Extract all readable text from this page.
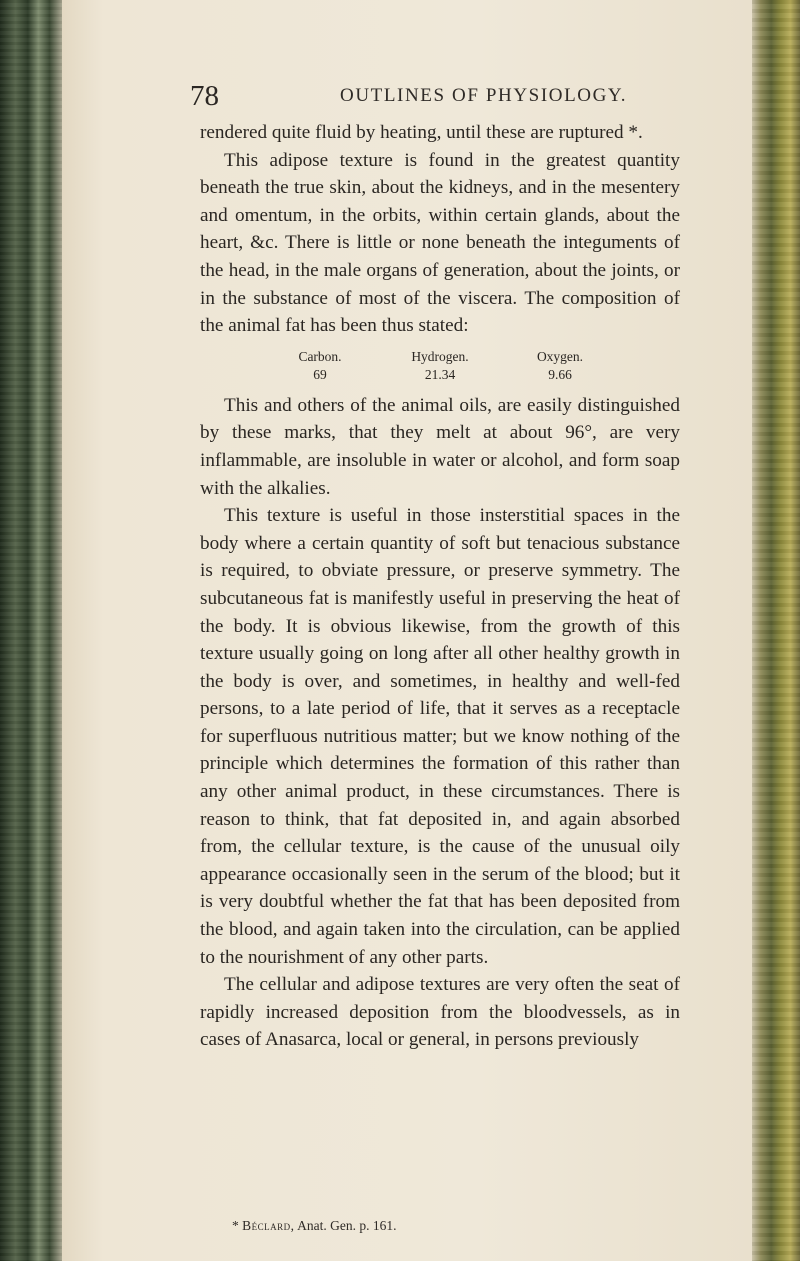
78	OUTLINES OF PHYSIOLOGY.

rendered quite fluid by heating, until these are ruptured *.

This adipose texture is found in the greatest quantity beneath the true skin, about the kidneys, and in the mesentery and omentum, in the orbits, within certain glands, about the heart, &c. There is little or none beneath the integuments of the head, in the male organs of generation, about the joints, or in the substance of most of the viscera. The composition of the animal fat has been thus stated:

Carbon.	Hydrogen.	Oxygen.
69	21.34	9.66

This and others of the animal oils, are easily distinguished by these marks, that they melt at about 96°, are very inflammable, are insoluble in water or alcohol, and form soap with the alkalies.

This texture is useful in those insterstitial spaces in the body where a certain quantity of soft but tenacious substance is required, to obviate pressure, or preserve symmetry. The subcutaneous fat is manifestly useful in preserving the heat of the body. It is obvious likewise, from the growth of this texture usually going on long after all other healthy growth in the body is over, and sometimes, in healthy and well-fed persons, to a late period of life, that it serves as a receptacle for superfluous nutritious matter; but we know nothing of the principle which determines the formation of this rather than any other animal product, in these circumstances. There is reason to think, that fat deposited in, and again absorbed from, the cellular texture, is the cause of the unusual oily appearance occasionally seen in the serum of the blood; but it is very doubtful whether the fat that has been deposited from the blood, and again taken into the circulation, can be applied to the nourishment of any other parts.

The cellular and adipose textures are very often the seat of rapidly increased deposition from the bloodvessels, as in cases of Anasarca, local or general, in persons previously

* Béclard, Anat. Gen. p. 161.
